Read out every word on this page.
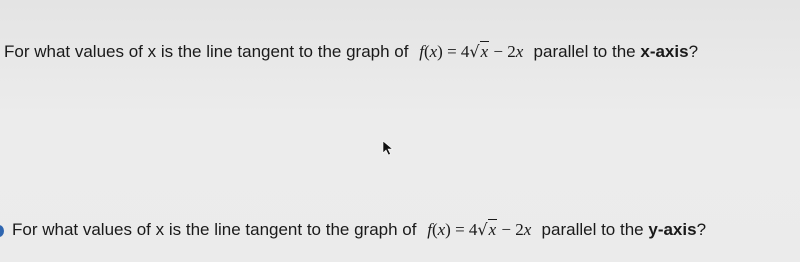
For what values of x is the line tangent to the graph of f(x) = 4√x − 2x parallel to the x-axis?
For what values of x is the line tangent to the graph of f(x) = 4√x − 2x parallel to the y-axis?
